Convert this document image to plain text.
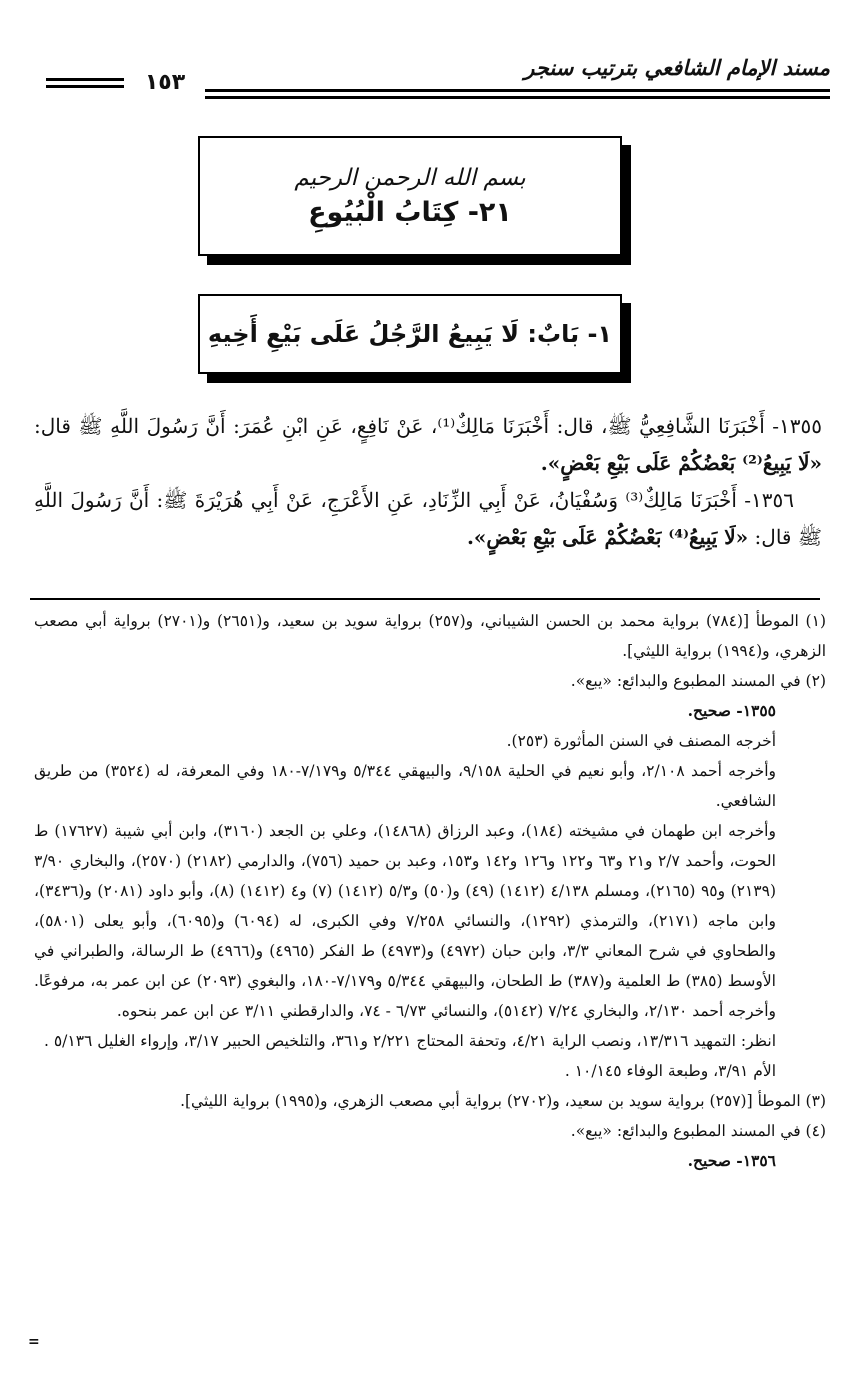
مسند الإمام الشافعي بترتيب سنجر
١٥٣
بسم الله الرحمن الرحيم
٢١- كِتَابُ الْبُيُوعِ
١- بَابٌ: لَا يَبِيعُ الرَّجُلُ عَلَى بَيْعِ أَخِيهِ

١٣٥٥- أَخْبَرَنَا الشَّافِعِيُّ ﷺ، قال: أَخْبَرَنَا مَالِكٌ⁽¹⁾، عَنْ نَافِعٍ، عَنِ ابْنِ عُمَرَ: أَنَّ رَسُولَ اللَّهِ ﷺ قال: «لَا يَبِيعُ⁽²⁾ بَعْضُكُمْ عَلَى بَيْعِ بَعْضٍ».

١٣٥٦- أَخْبَرَنَا مَالِكٌ⁽³⁾ وَسُفْيَانُ، عَنْ أَبِي الزِّنَادِ، عَنِ الأَعْرَجِ، عَنْ أَبِي هُرَيْرَةَ ﷺ: أَنَّ رَسُولَ اللَّهِ ﷺ قال: «لَا يَبِيعُ⁽⁴⁾ بَعْضُكُمْ عَلَى بَيْعِ بَعْضٍ».

(١) الموطأ [(٧٨٤) برواية محمد بن الحسن الشيباني، و(٢٥٧) برواية سويد بن سعيد، و(٢٦٥١) و(٢٧٠١) برواية أبي مصعب الزهري، و(١٩٩٤) برواية الليثي].

(٢) في المسند المطبوع والبدائع: «يبع».

١٣٥٥- صحيح.

أخرجه المصنف في السنن المأثورة (٢٥٣).

وأخرجه أحمد ٢/١٠٨، وأبو نعيم في الحلية ٩/١٥٨، والبيهقي ٥/٣٤٤ و٧/١٧٩-١٨٠ وفي المعرفة، له (٣٥٢٤) من طريق الشافعي.

وأخرجه ابن طهمان في مشيخته (١٨٤)، وعبد الرزاق (١٤٨٦٨)، وعلي بن الجعد (٣١٦٠)، وابن أبي شيبة (١٧٦٢٧) ط الحوت، وأحمد ٢/٧ و٢١ و٦٣ و١٢٢ و١٢٦ و١٤٢ و١٥٣، وعبد بن حميد (٧٥٦)، والدارمي (٢١٨٢) (٢٥٧٠)، والبخاري ٣/٩٠ (٢١٣٩) و٩٥ (٢١٦٥)، ومسلم ٤/١٣٨ (١٤١٢) (٤٩) و(٥٠) و٥/٣ (١٤١٢) (٧) و٤ (١٤١٢) (٨)، وأبو داود (٢٠٨١) و(٣٤٣٦)، وابن ماجه (٢١٧١)، والترمذي (١٢٩٢)، والنسائي ٧/٢٥٨ وفي الكبرى، له (٦٠٩٤) و(٦٠٩٥)، وأبو يعلى (٥٨٠١)، والطحاوي في شرح المعاني ٣/٣، وابن حبان (٤٩٧٢) و(٤٩٧٣) ط الفكر (٤٩٦٥) و(٤٩٦٦) ط الرسالة، والطبراني في الأوسط (٣٨٥) ط العلمية و(٣٨٧) ط الطحان، والبيهقي ٥/٣٤٤ و٧/١٧٩-١٨٠، والبغوي (٢٠٩٣) عن ابن عمر به، مرفوعًا. وأخرجه أحمد ٢/١٣٠، والبخاري ٧/٢٤ (٥١٤٢)، والنسائي ٦/٧٣ - ٧٤، والدارقطني ٣/١١ عن ابن عمر بنحوه.

انظر: التمهيد ١٣/٣١٦، ونصب الراية ٤/٢١، وتحفة المحتاج ٢/٢٢١ و٣٦١، والتلخيص الحبير ٣/١٧، وإرواء الغليل ٥/١٣٦ .

الأم ٣/٩١، وطبعة الوفاء ١٠/١٤٥ .

(٣) الموطأ [(٢٥٧) برواية سويد بن سعيد، و(٢٧٠٢) برواية أبي مصعب الزهري، و(١٩٩٥) برواية الليثي].

(٤) في المسند المطبوع والبدائع: «يبع».

١٣٥٦- صحيح.

=
